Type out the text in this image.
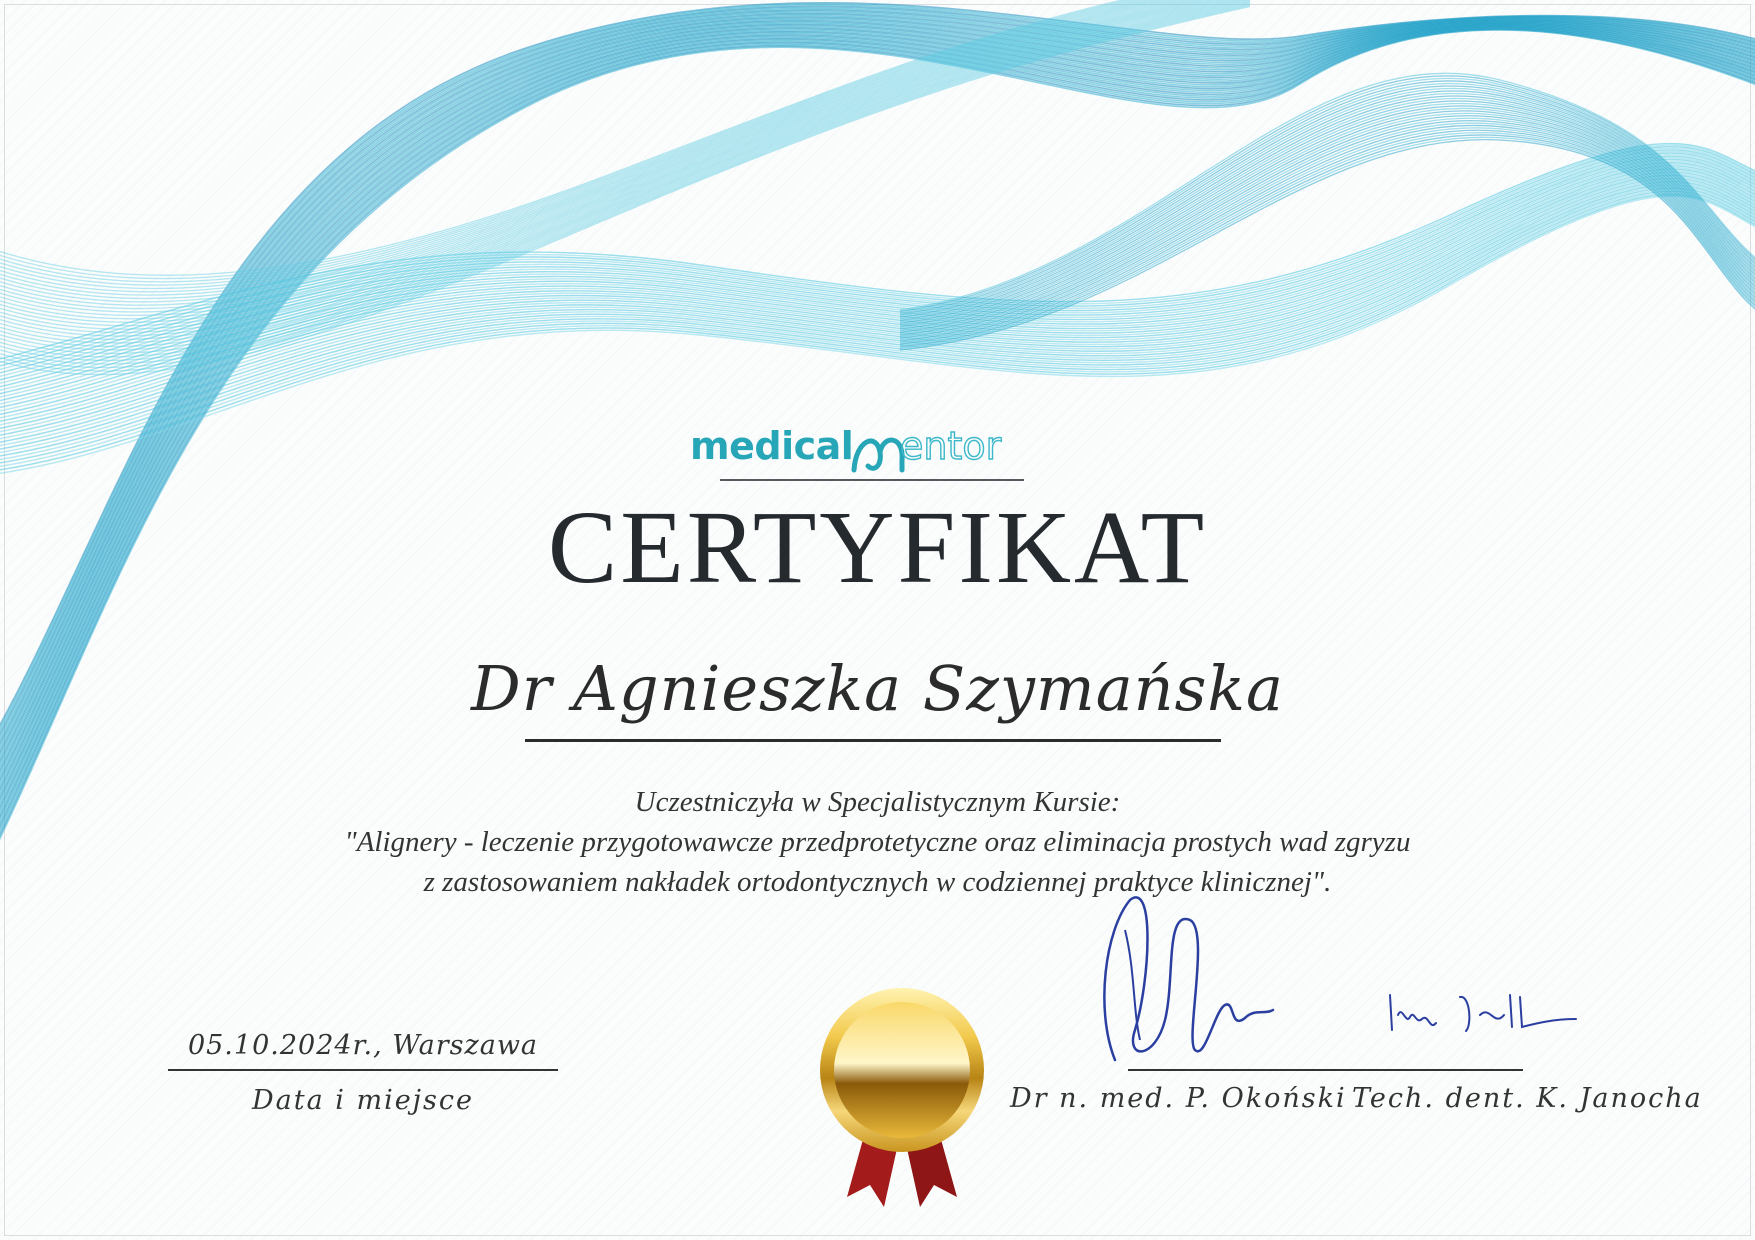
medical entor
CERTYFIKAT
Dr Agnieszka Szymańska
Uczestniczyła w Specjalistycznym Kursie:
"Alignery - leczenie przygotowawcze przedprotetyczne oraz eliminacja prostych wad zgryzu
z zastosowaniem nakładek ortodontycznych w codziennej praktyce klinicznej".
05.10.2024r., Warszawa
Data i miejsce	Dr n. med. P. Okoński Tech. dent. K. Janocha
